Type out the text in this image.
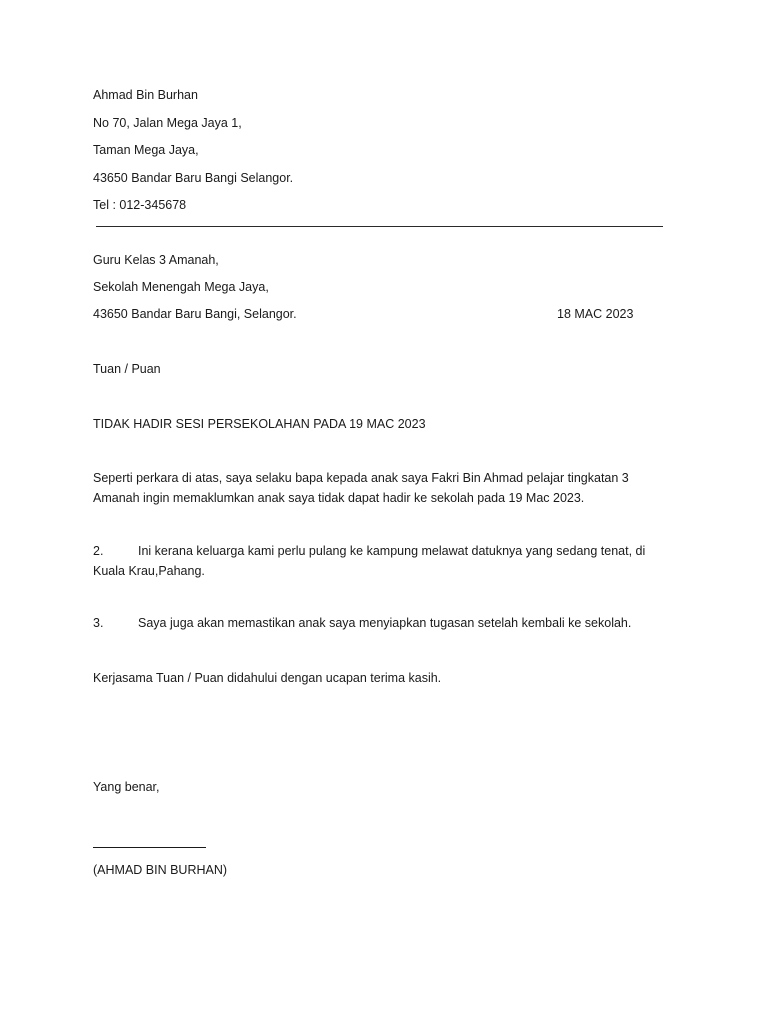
Ahmad Bin Burhan
No 70, Jalan Mega Jaya 1,
Taman Mega Jaya,
43650 Bandar Baru Bangi Selangor.
Tel : 012-345678
Guru Kelas 3 Amanah,
Sekolah Menengah Mega Jaya,
43650 Bandar Baru Bangi, Selangor.	18 MAC 2023
Tuan / Puan
TIDAK HADIR SESI PERSEKOLAHAN PADA 19 MAC 2023
Seperti perkara di atas, saya selaku bapa kepada anak saya Fakri Bin Ahmad pelajar tingkatan 3 Amanah ingin memaklumkan anak saya tidak dapat hadir ke sekolah pada 19 Mac 2023.
2.	Ini kerana keluarga kami perlu pulang ke kampung melawat datuknya yang sedang tenat, di Kuala Krau,Pahang.
3.	Saya juga akan memastikan anak saya menyiapkan tugasan setelah kembali ke sekolah.
Kerjasama Tuan / Puan didahului dengan ucapan terima kasih.
Yang benar,
(AHMAD BIN BURHAN)
